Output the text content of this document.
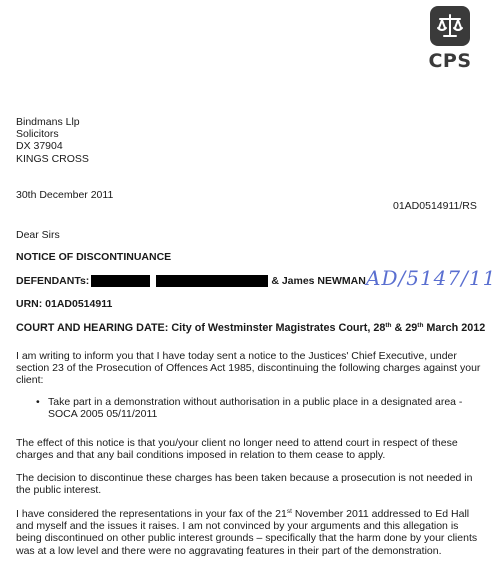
CPS
Bindmans Llp
Solicitors
DX 37904
KINGS CROSS
30th December 2011
01AD0514911/RS
Dear Sirs
NOTICE OF DISCONTINUANCE
DEFENDANTs:	& James NEWMAN AD/5147/11
URN: 01AD0514911
COURT AND HEARING DATE: City of Westminster Magistrates Court, 28th & 29th March 2012
I am writing to inform you that I have today sent a notice to the Justices' Chief Executive, under section 23 of the Prosecution of Offences Act 1985, discontinuing the following charges against your client:
• Take part in a demonstration without authorisation in a public place in a designated area - SOCA 2005 05/11/2011
The effect of this notice is that you/your client no longer need to attend court in respect of these charges and that any bail conditions imposed in relation to them cease to apply.
The decision to discontinue these charges has been taken because a prosecution is not needed in the public interest.
I have considered the representations in your fax of the 21st November 2011 addressed to Ed Hall and myself and the issues it raises. I am not convinced by your arguments and this allegation is being discontinued on other public interest grounds – specifically that the harm done by your clients was at a low level and there were no aggravating features in their part of the demonstration.
